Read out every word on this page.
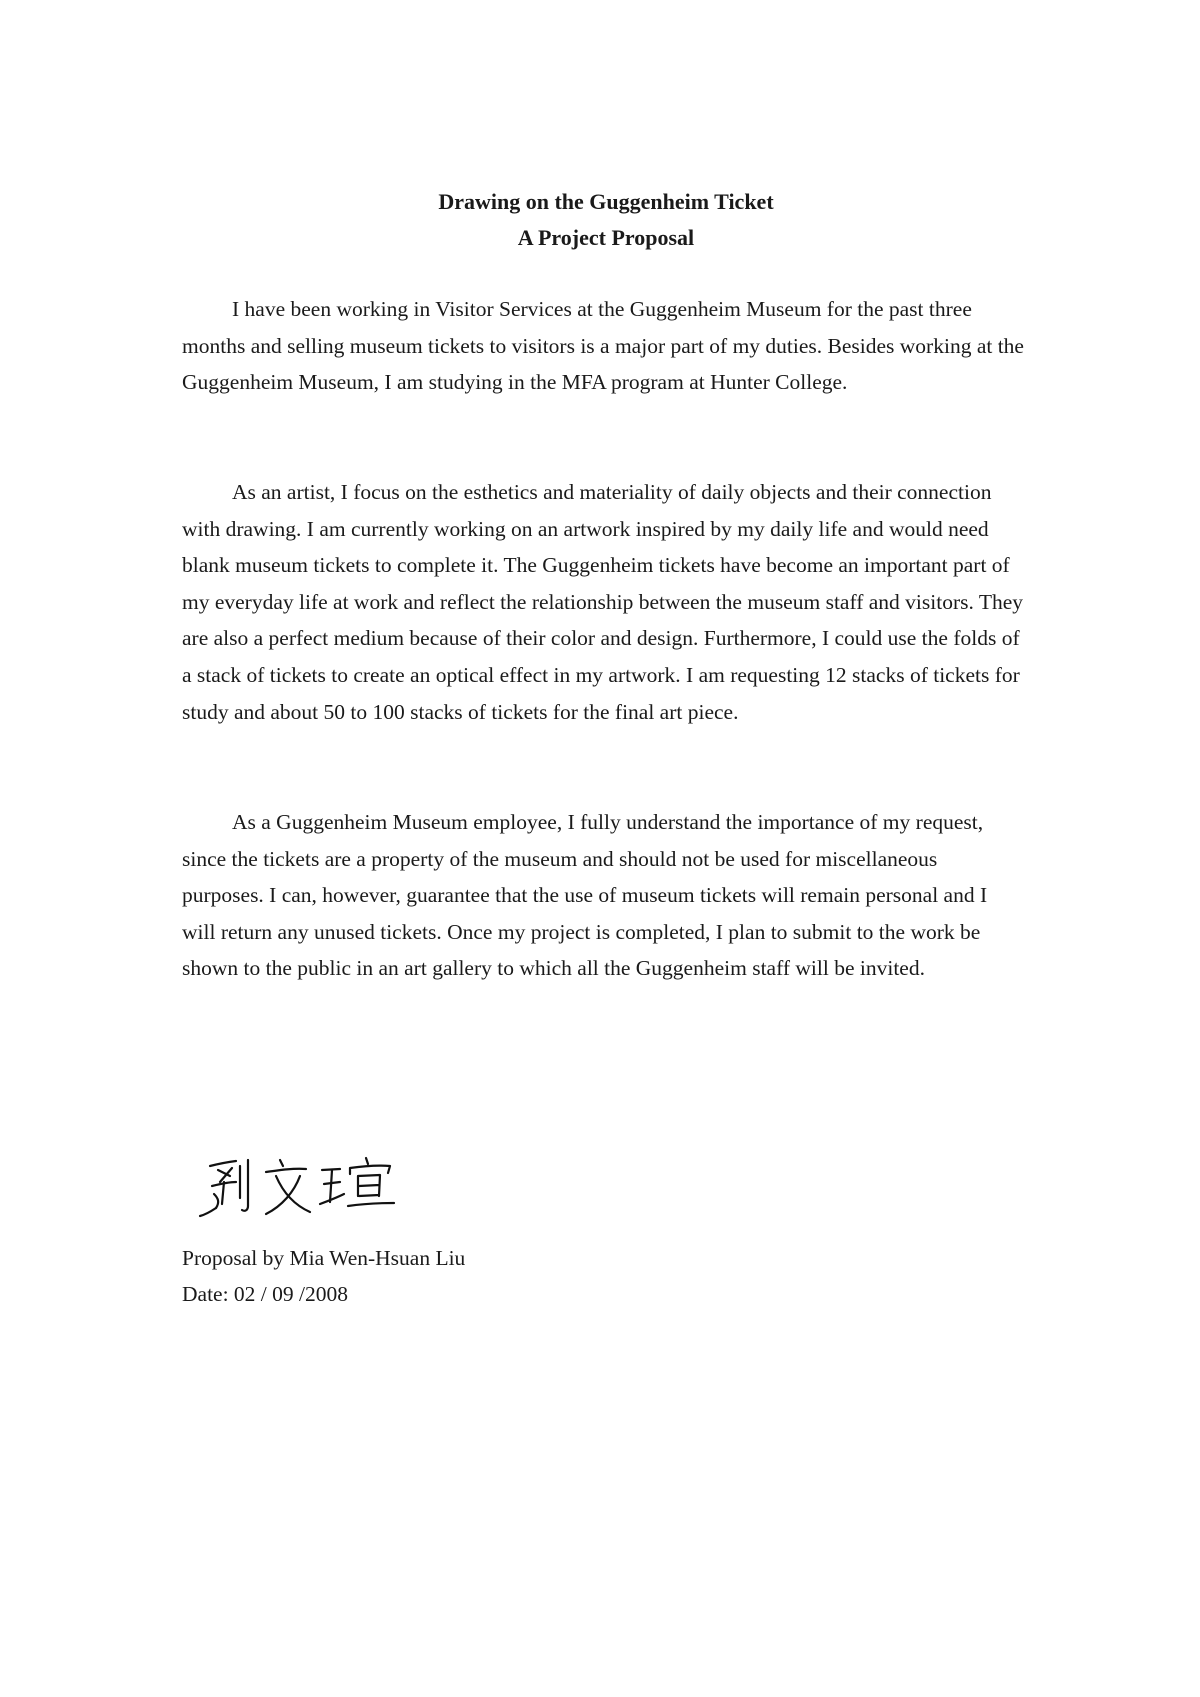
Drawing on the Guggenheim Ticket
A Project Proposal

I have been working in Visitor Services at the Guggenheim Museum for the past three months and selling museum tickets to visitors is a major part of my duties. Besides working at the Guggenheim Museum, I am studying in the MFA program at Hunter College.

As an artist, I focus on the esthetics and materiality of daily objects and their connection with drawing. I am currently working on an artwork inspired by my daily life and would need blank museum tickets to complete it. The Guggenheim tickets have become an important part of my everyday life at work and reflect the relationship between the museum staff and visitors. They are also a perfect medium because of their color and design. Furthermore, I could use the folds of a stack of tickets to create an optical effect in my artwork. I am requesting 12 stacks of tickets for study and about 50 to 100 stacks of tickets for the final art piece.

As a Guggenheim Museum employee, I fully understand the importance of my request, since the tickets are a property of the museum and should not be used for miscellaneous purposes. I can, however, guarantee that the use of museum tickets will remain personal and I will return any unused tickets. Once my project is completed, I plan to submit to the work be shown to the public in an art gallery to which all the Guggenheim staff will be invited.

Proposal by Mia Wen-Hsuan Liu
Date: 02 / 09 /2008
